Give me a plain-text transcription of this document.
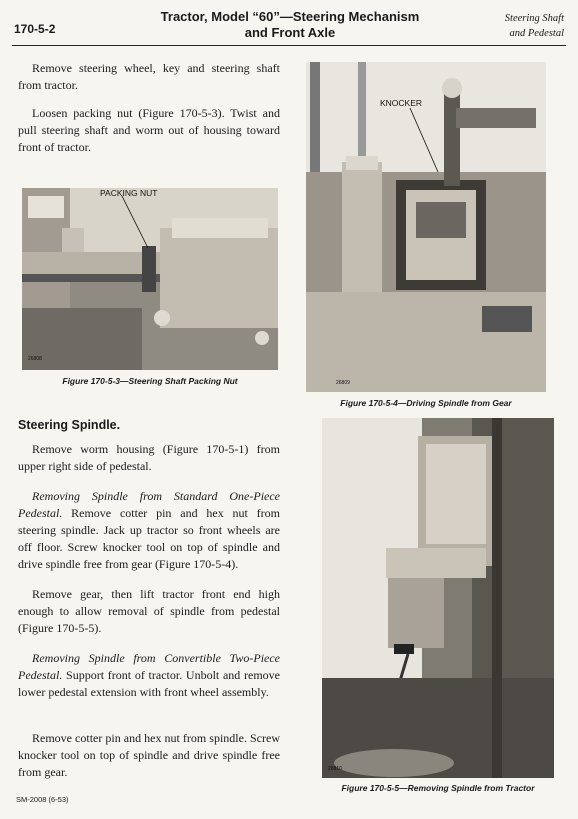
170-5-2
Tractor, Model “60”—Steering Mechanism
and Front Axle
Steering Shaft
and Pedestal
Remove steering wheel, key and steering shaft from tractor.
Loosen packing nut (Figure 170-5-3). Twist and pull steering shaft and worm out of housing toward front of tractor.
PACKING NUT
26808
Figure 170-5-3—Steering Shaft Packing Nut
KNOCKER
26809
Figure 170-5-4—Driving Spindle from Gear
Steering Spindle.
Remove worm housing (Figure 170-5-1) from upper right side of pedestal.
Removing Spindle from Standard One-Piece Pedestal. Remove cotter pin and hex nut from steering spindle. Jack up tractor so front wheels are off floor. Screw knocker tool on top of spindle and drive spindle free from gear (Figure 170-5-4).
Remove gear, then lift tractor front end high enough to allow removal of spindle from pedestal (Figure 170-5-5).
Removing Spindle from Convertible Two-Piece Pedestal. Support front of tractor. Unbolt and remove lower pedestal extension with front wheel assembly.
Remove cotter pin and hex nut from spindle. Screw knocker tool on top of spindle and drive spindle free from gear.	26810
Figure 170-5-5—Removing Spindle from Tractor
SM-2008 (6-53)
